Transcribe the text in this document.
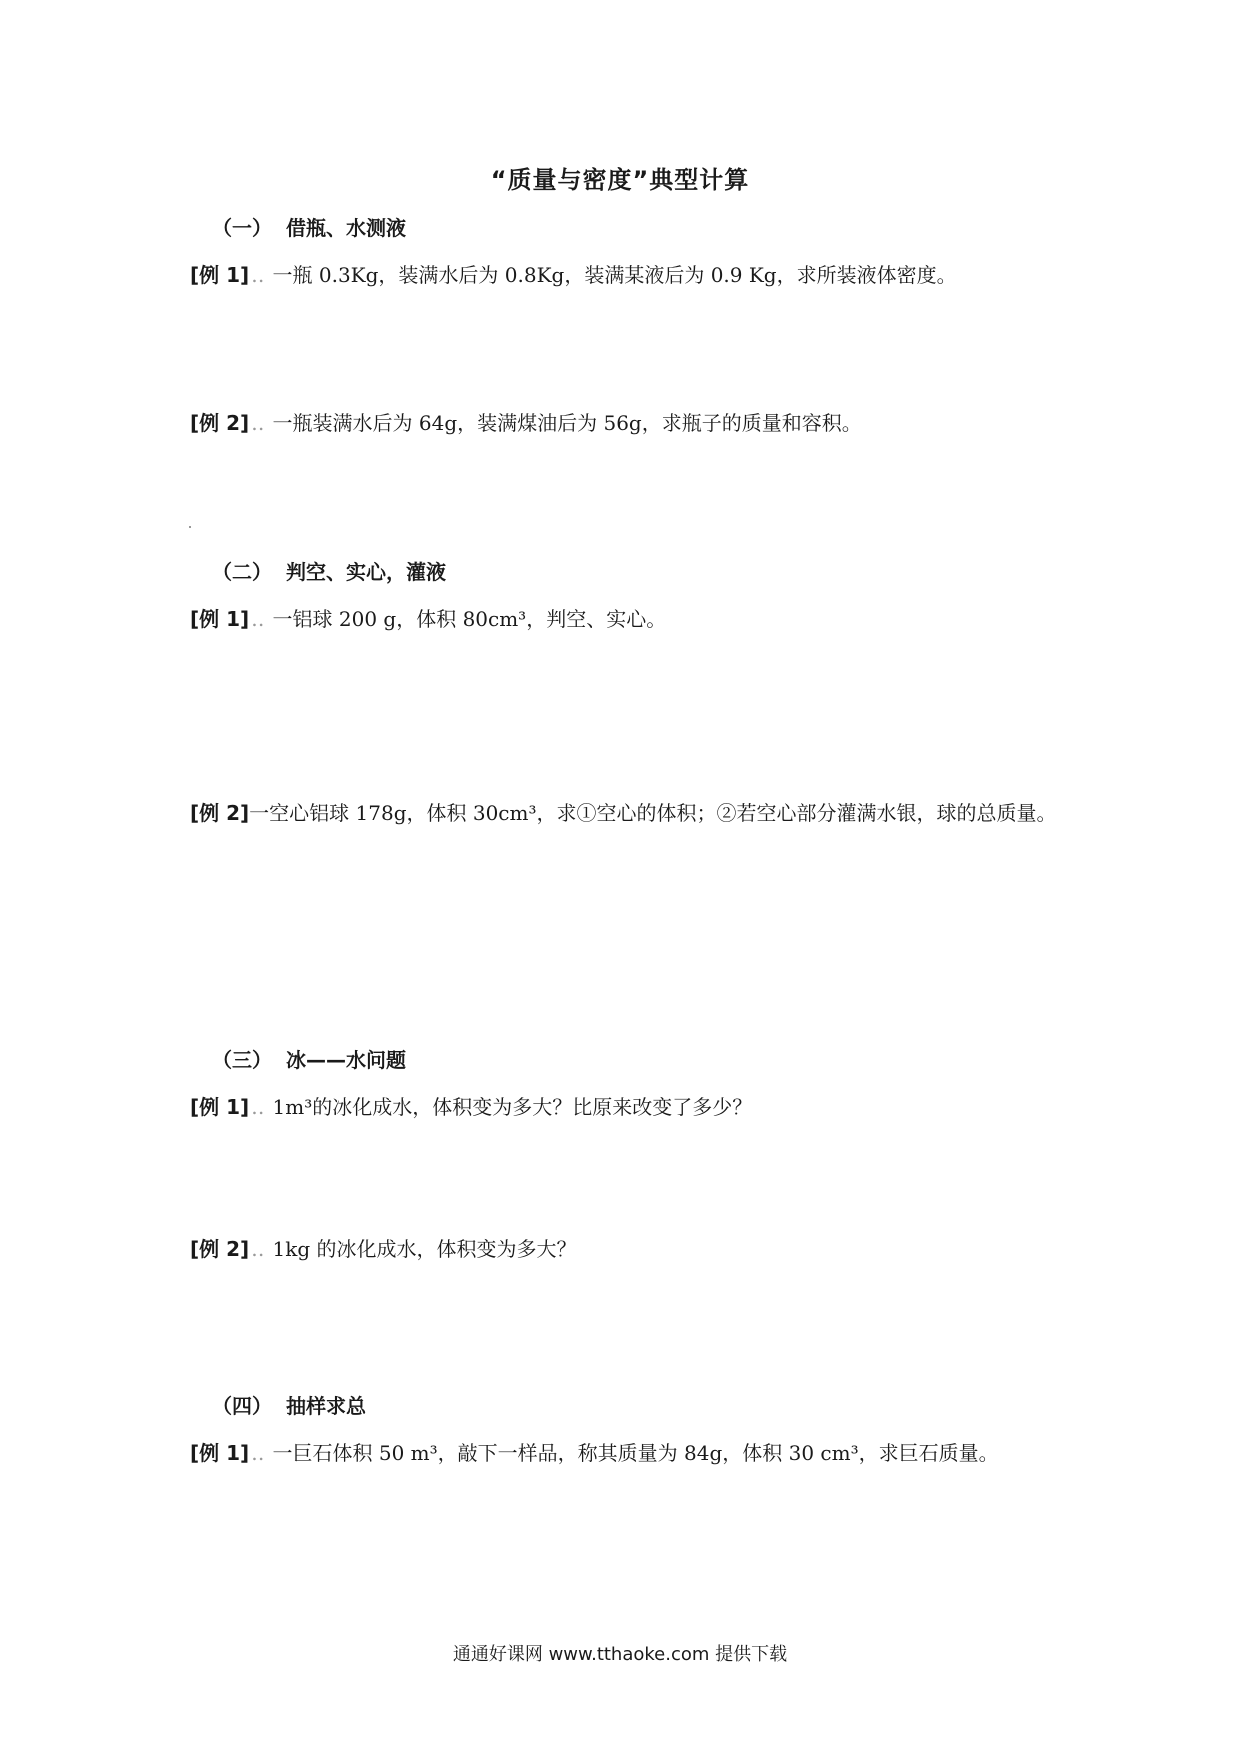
“质量与密度”典型计算
（一） 借瓶、水测液
[例 1] ‥ 一瓶 0.3Kg，装满水后为 0.8Kg，装满某液后为 0.9 Kg，求所装液体密度。
[例 2] ‥ 一瓶装满水后为 64g，装满煤油后为 56g，求瓶子的质量和容积。
（二） 判空、实心，灌液
[例 1] ‥ 一铝球 200 g，体积 80cm³，判空、实心。
[例 2]一空心铝球 178g，体积 30cm³，求①空心的体积；②若空心部分灌满水银，球的总质量。
（三） 冰——水问题
[例 1] ‥ 1m³的冰化成水，体积变为多大？比原来改变了多少？
[例 2] ‥ 1kg 的冰化成水，体积变为多大？
（四） 抽样求总
[例 1] ‥ 一巨石体积 50 m³，敲下一样品，称其质量为 84g，体积 30 cm³，求巨石质量。
通通好课网 www.tthaoke.com 提供下载
